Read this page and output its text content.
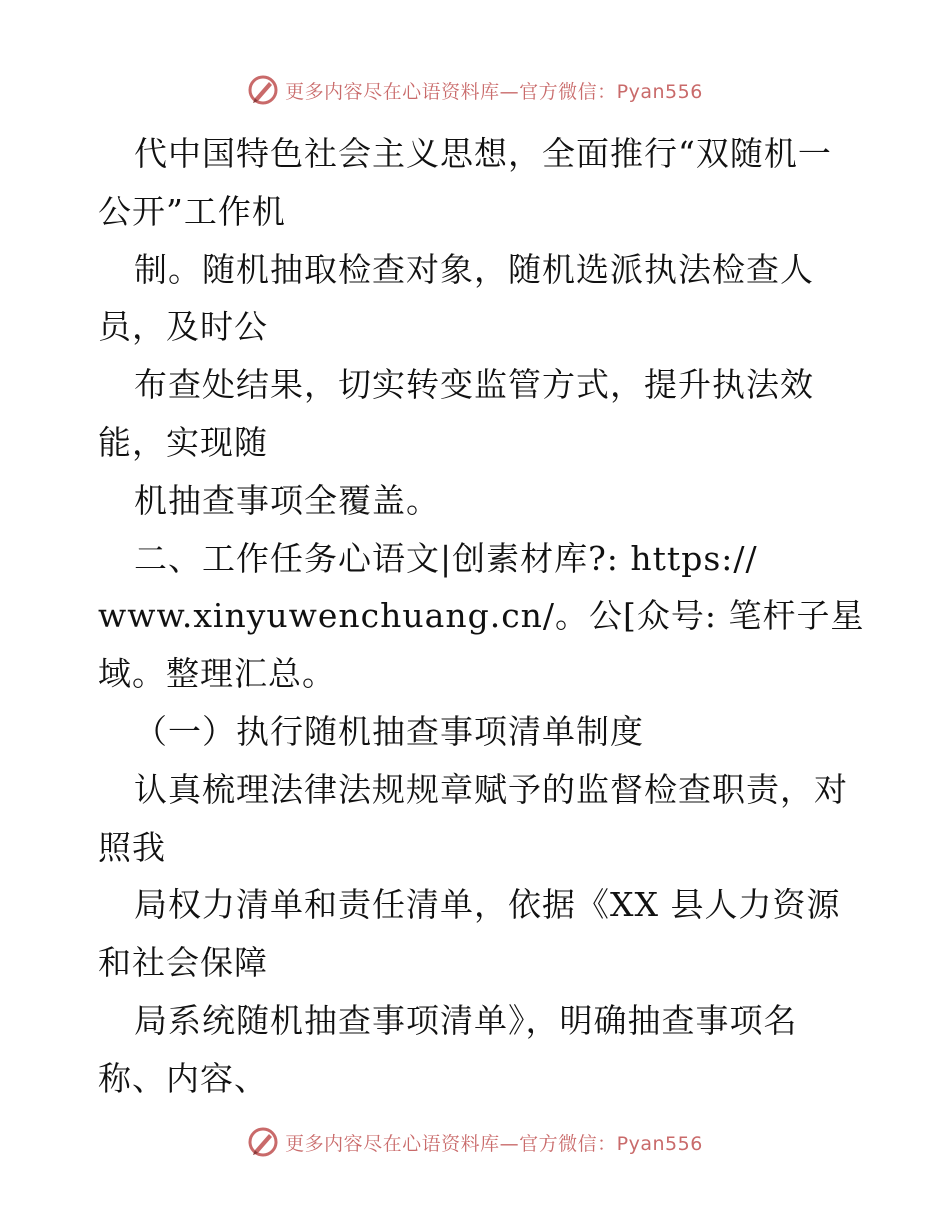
更多内容尽在心语资料库—官方微信：Pyan556
代中国特色社会主义思想，全面推行“双随机一
公开”工作机
制。随机抽取检查对象，随机选派执法检查人
员，及时公
布查处结果，切实转变监管方式，提升执法效
能，实现随
机抽查事项全覆盖。
二、工作任务心语文|创素材库?: https://
www.xinyuwenchuang.cn/。公[众号: 笔杆子星
域。整理汇总。
（一）执行随机抽查事项清单制度
认真梳理法律法规规章赋予的监督检查职责，对
照我
局权力清单和责任清单，依据《XX 县人力资源
和社会保障
局系统随机抽查事项清单》，明确抽查事项名
称、内容、
更多内容尽在心语资料库—官方微信：Pyan556
